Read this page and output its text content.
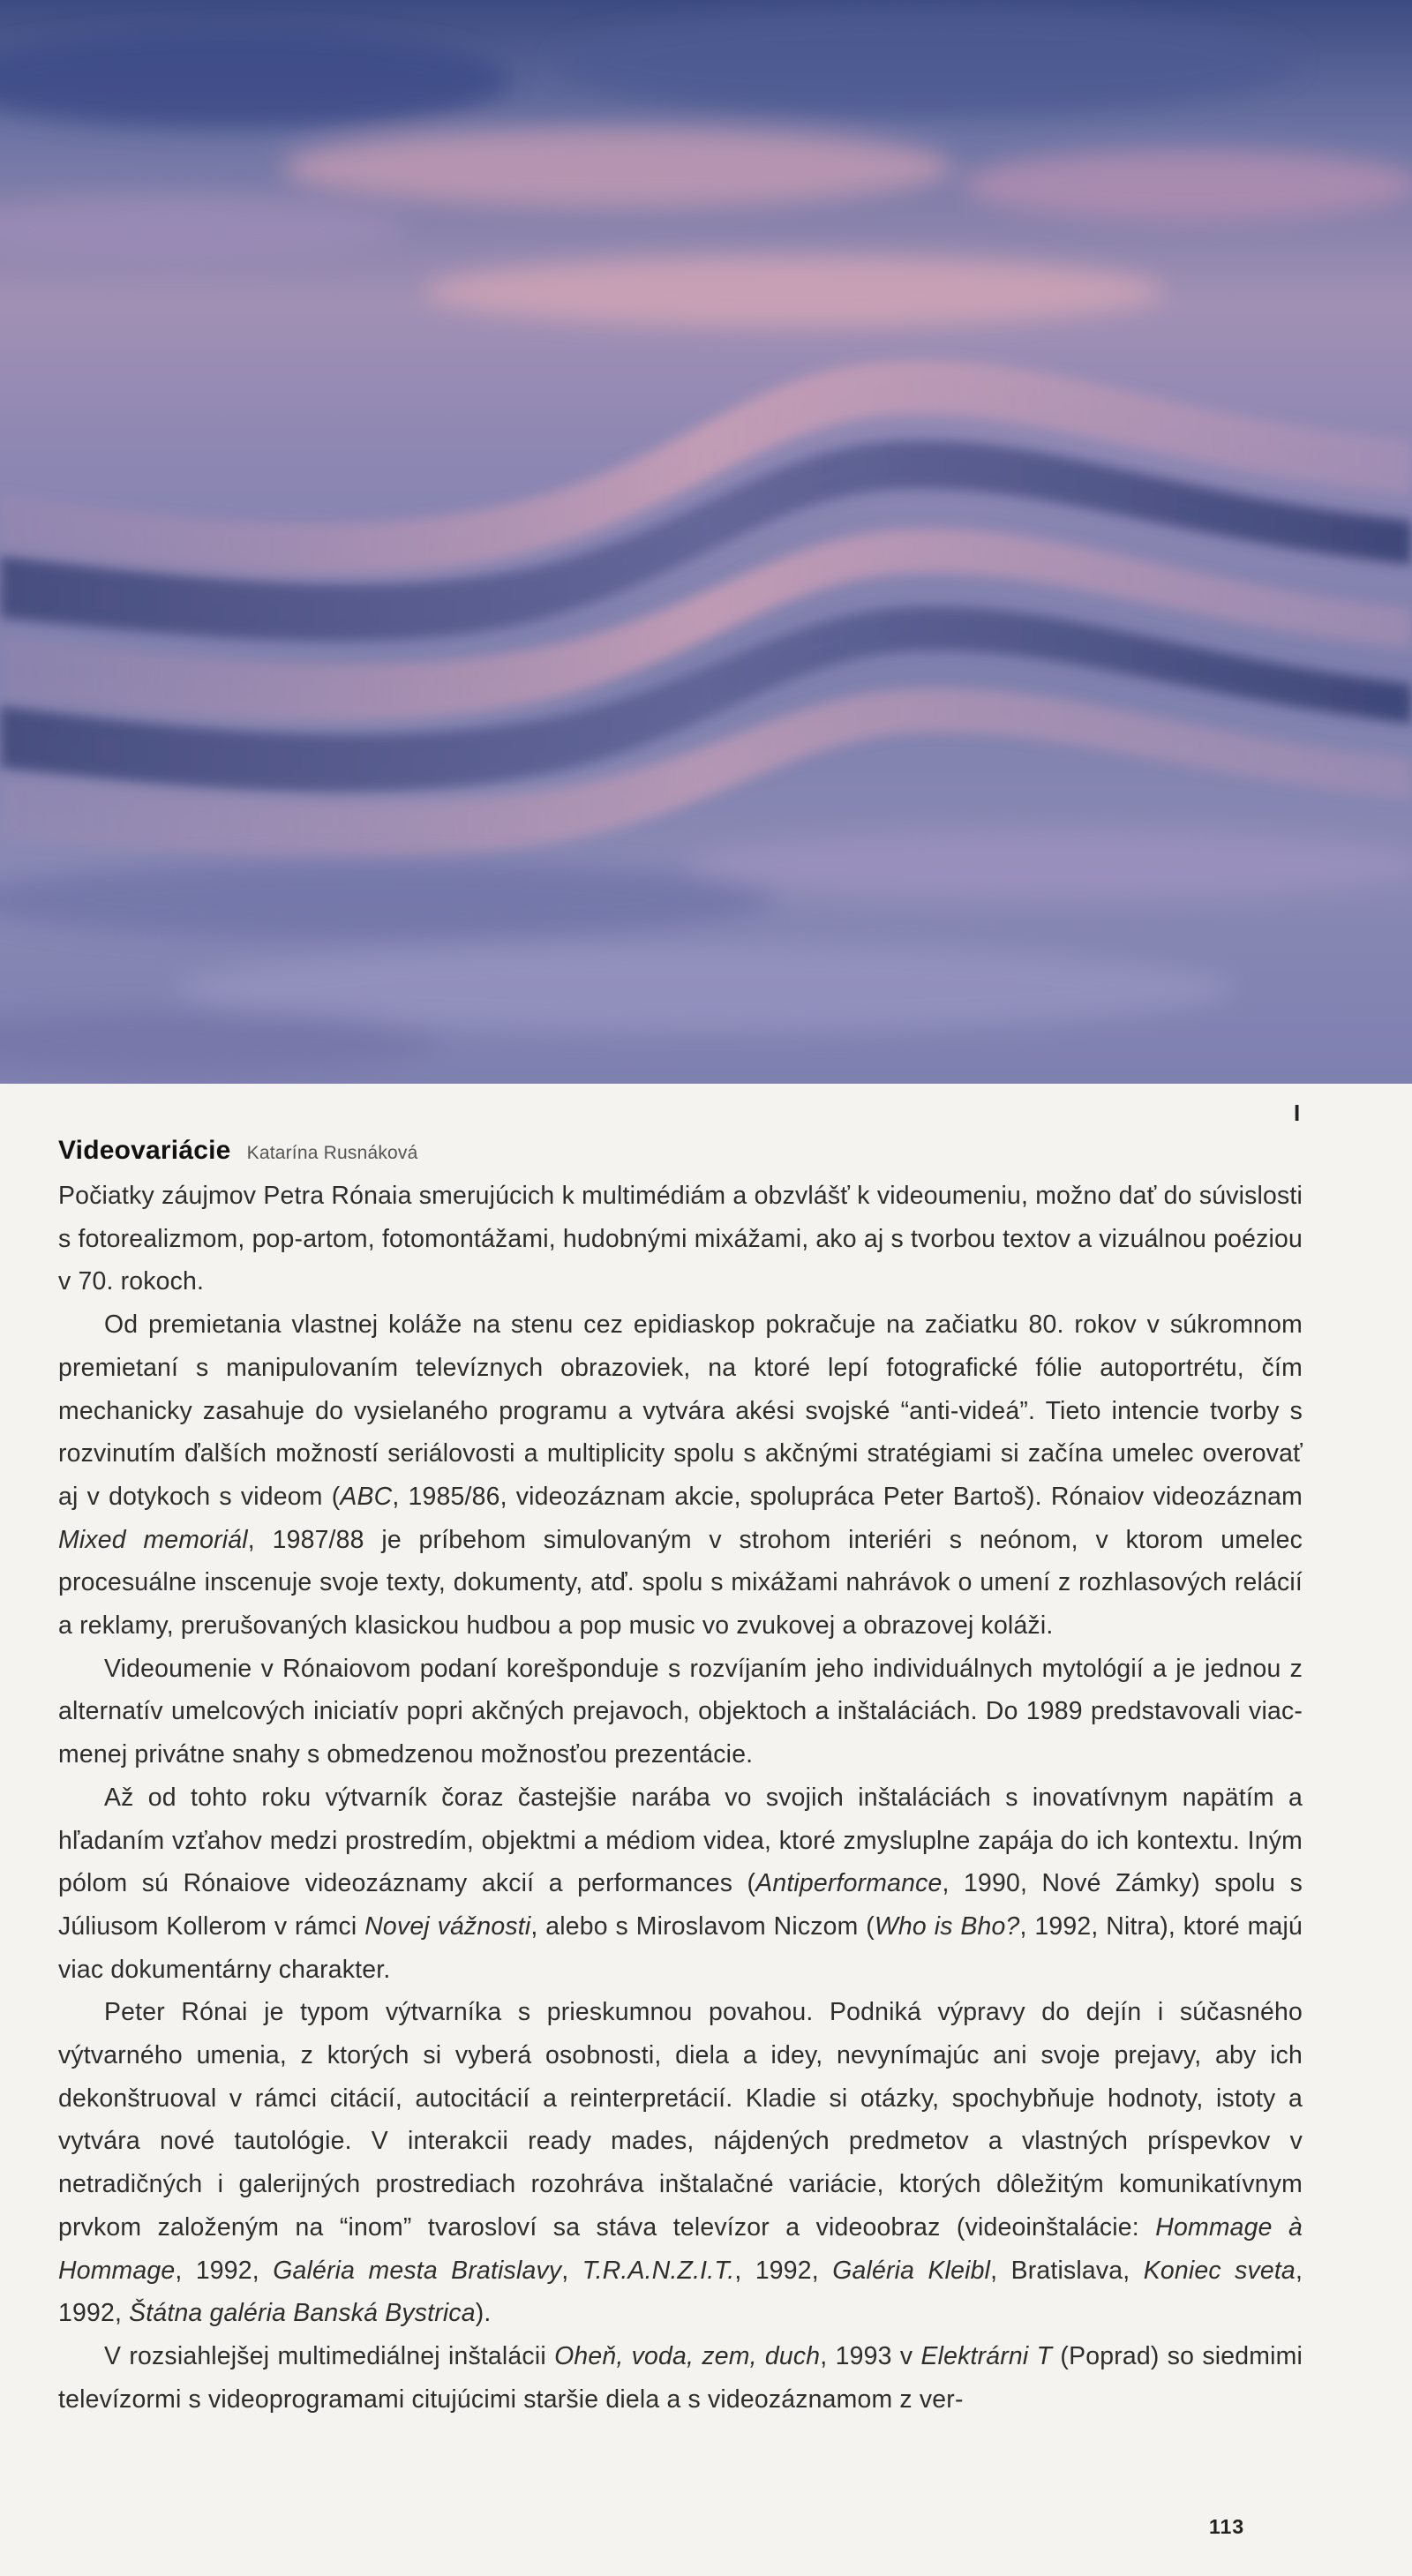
I
Videovariácie Katarína Rusnáková

Počiatky záujmov Petra Rónaia smerujúcich k multimédiám a obzvlášť k videoumeniu, možno dať do súvislosti s fotorealizmom, pop-artom, fotomontážami, hudobnými mixážami, ako aj s tvorbou textov a vizuálnou poéziou v 70. rokoch.

Od premietania vlastnej koláže na stenu cez epidiaskop pokračuje na začiatku 80. rokov v súkromnom premietaní s manipulovaním televíznych obrazoviek, na ktoré lepí fotografické fólie autoportrétu, čím mechanicky zasahuje do vysielaného programu a vytvára akési svojské “anti-videá”. Tieto intencie tvorby s rozvinutím ďalších možností seriálovosti a multiplicity spolu s akčnými stratégiami si začína umelec overovať aj v dotykoch s videom (ABC, 1985/86, videozáznam akcie, spolupráca Peter Bartoš). Rónaiov videozáznam Mixed memoriál, 1987/88 je príbehom simulovaným v strohom interiéri s neónom, v ktorom umelec procesuálne inscenuje svoje texty, dokumenty, atď. spolu s mixážami nahrávok o umení z rozhlasových relácií a reklamy, prerušovaných klasickou hudbou a pop music vo zvukovej a obrazovej koláži.

Videoumenie v Rónaiovom podaní korešponduje s rozvíjaním jeho individuálnych mytológií a je jednou z alternatív umelcových iniciatív popri akčných prejavoch, objektoch a inštaláciách. Do 1989 predstavovali viac-menej privátne snahy s obmedzenou možnosťou prezentácie.

Až od tohto roku výtvarník čoraz častejšie narába vo svojich inštaláciách s inovatívnym napätím a hľadaním vzťahov medzi prostredím, objektmi a médiom videa, ktoré zmysluplne zapája do ich kontextu. Iným pólom sú Rónaiove videozáznamy akcií a performances (Antiperformance, 1990, Nové Zámky) spolu s Júliusom Kollerom v rámci Novej vážnosti, alebo s Miroslavom Niczom (Who is Bho?, 1992, Nitra), ktoré majú viac dokumentárny charakter.

Peter Rónai je typom výtvarníka s prieskumnou povahou. Podniká výpravy do dejín i súčasného výtvarného umenia, z ktorých si vyberá osobnosti, diela a idey, nevynímajúc ani svoje prejavy, aby ich dekonštruoval v rámci citácií, autocitácií a reinterpretácií. Kladie si otázky, spochybňuje hodnoty, istoty a vytvára nové tautológie. V interakcii ready mades, nájdených predmetov a vlastných príspevkov v netradičných i galerijných prostrediach rozohráva inštalačné variácie, ktorých dôležitým komunikatívnym prvkom založeným na “inom” tvarosloví sa stáva televízor a videoobraz (videoinštalácie: Hommage à Hommage, 1992, Galéria mesta Bratislavy, T.R.A.N.Z.I.T., 1992, Galéria Kleibl, Bratislava, Koniec sveta, 1992, Štátna galéria Banská Bystrica).

V rozsiahlejšej multimediálnej inštalácii Oheň, voda, zem, duch, 1993 v Elektrárni T (Poprad) so siedmimi televízormi s videoprogramami citujúcimi staršie diela a s videozáznamom z ver-

113
